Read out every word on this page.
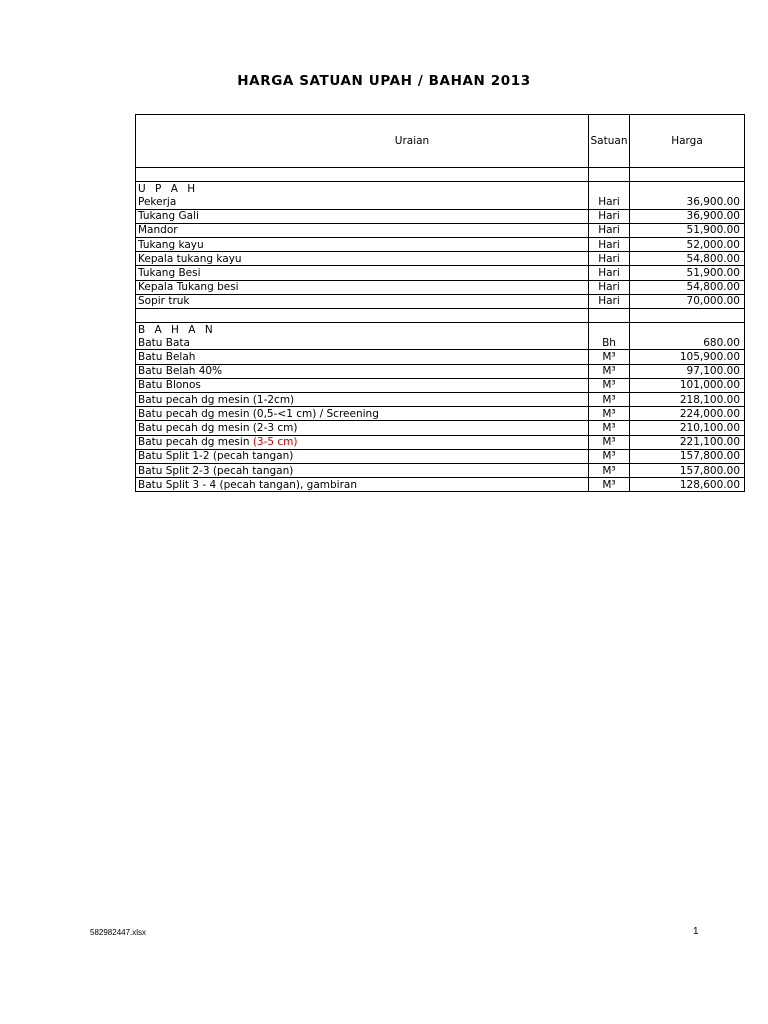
HARGA SATUAN UPAH / BAHAN 2013
Uraian	Satuan	Harga

U P A H		
Pekerja	Hari	36,900.00
Tukang Gali	Hari	36,900.00
Mandor	Hari	51,900.00
Tukang kayu	Hari	52,000.00
Kepala tukang kayu	Hari	54,800.00
Tukang Besi	Hari	51,900.00
Kepala Tukang besi	Hari	54,800.00
Sopir truk	Hari	70,000.00

B A H A N		
Batu Bata	Bh	680.00
Batu Belah	M³	105,900.00
Batu Belah 40%	M³	97,100.00
Batu Blonos	M³	101,000.00
Batu pecah dg mesin (1-2cm)	M³	218,100.00
Batu pecah dg mesin (0,5-<1 cm) / Screening	M³	224,000.00
Batu pecah dg mesin (2-3 cm)	M³	210,100.00
Batu pecah dg mesin (3-5 cm)	M³	221,100.00
Batu Split 1-2 (pecah tangan)	M³	157,800.00
Batu Split 2-3 (pecah tangan)	M³	157,800.00
Batu Split 3 - 4 (pecah tangan), gambiran	M³	128,600.00
582982447.xlsx	1
